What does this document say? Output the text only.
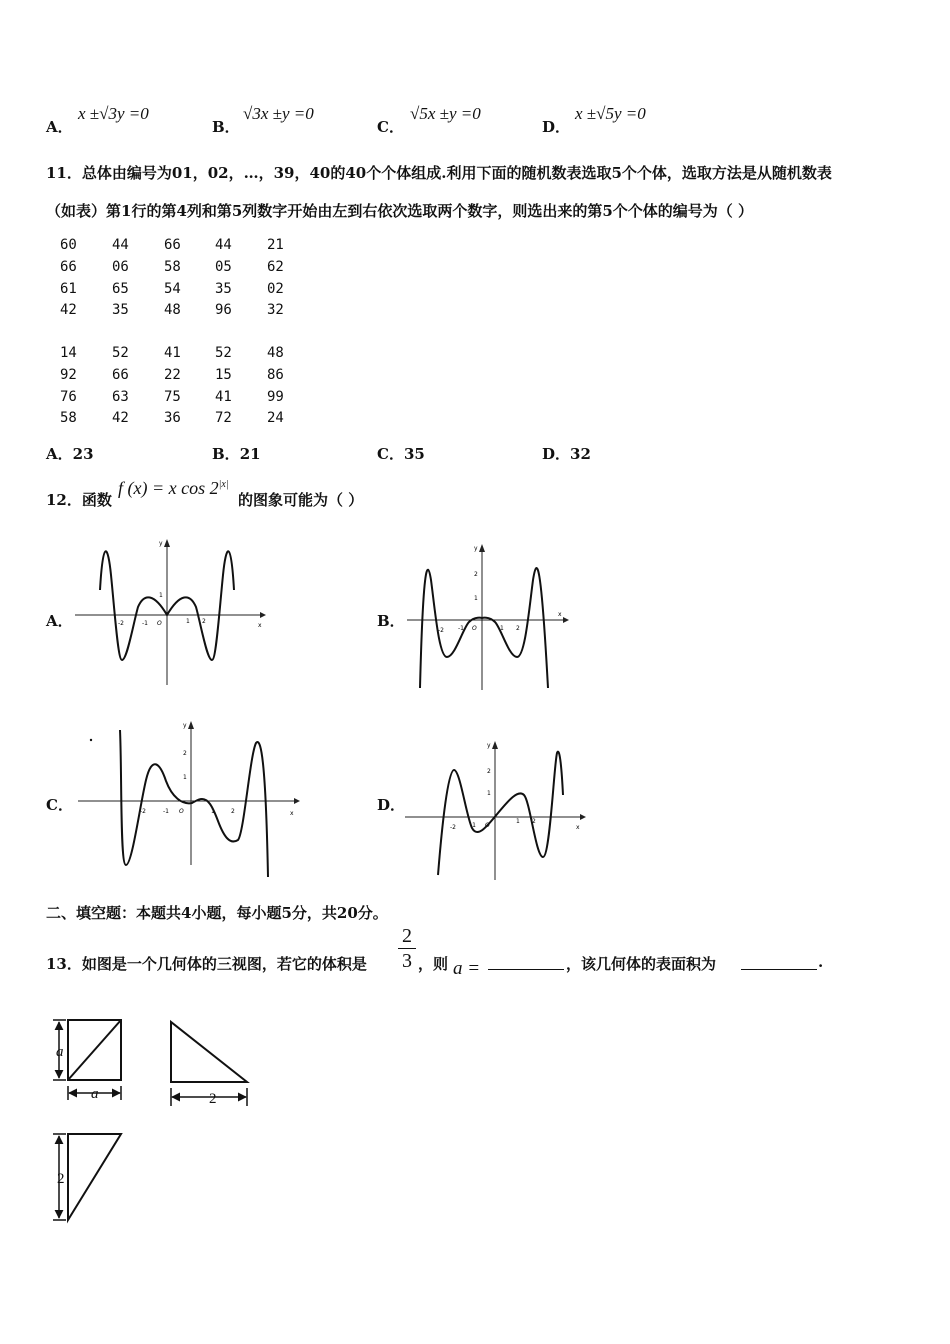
A．
x ±√3y =0
B．
√3x ±y =0
C．
√5x ±y =0
D．
x ±√5y =0
11．总体由编号为01，02，…，39，40的40个个体组成.利用下面的随机数表选取5个个体，选取方法是从随机数表
（如表）第1行的第4列和第5列数字开始由左到右依次选取两个数字，则选出来的第5个个体的编号为（ ）
60	44	66 44	21
66	06	58 05	62
61	65	54 35	02
42	35	48 96	32
14	52	41 52	48
92	66	22 15	86
76	63	75 41	99
58	42	36 72	24
A．23	B．21	C．35	D．32
12．函数
f (x) = x $\cos 2^{|x|}$
的图象可能为（ ）
A．	B．
C．	D．
y
x
O
-2	-1	1 2
1
y
x
O
-2 -1	1 2
2
1
y
x
O
-2	-1	1	2
2
1
y
x
O
-2 -1
1 2
2
1
二、填空题：本题共4小题，每小题5分，共20分。
13．如图是一个几何体的三视图，若它的体积是 $\frac{2}{3}$ ，则 a =	，该几何体的表面积为	.
a
a	2
2
